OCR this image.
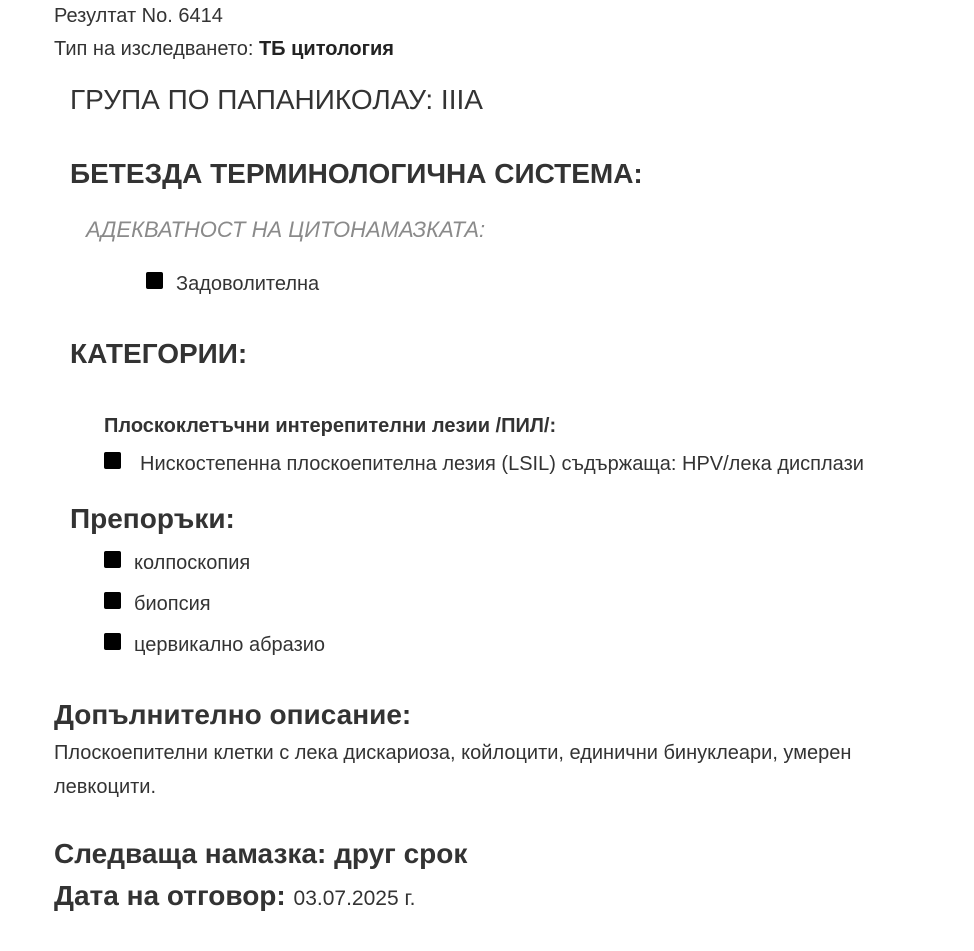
Резултат No. 6414
Тип на изследването: ТБ цитология
ГРУПА ПО ПАПАНИКОЛАУ: IIIA
БЕТЕЗДА ТЕРМИНОЛОГИЧНА СИСТЕМА:
АДЕКВАТНОСТ НА ЦИТОНАМАЗКАТА:
Задоволителна
КАТЕГОРИИ:
Плоскоклетъчни интерепителни лезии /ПИЛ/:
Нискостепенна плоскоепителна лезия (LSIL) съдържаща: HPV/лека дисплази
Препоръки:
колпоскопия
биопсия
цервикално абразио
Допълнително описание:
Плоскоепителни клетки с лека дискариоза, койлоцити, единични бинуклеари, умерен
левкоцити.
Следваща намазка: друг срок
Дата на отговор: 03.07.2025 г.
